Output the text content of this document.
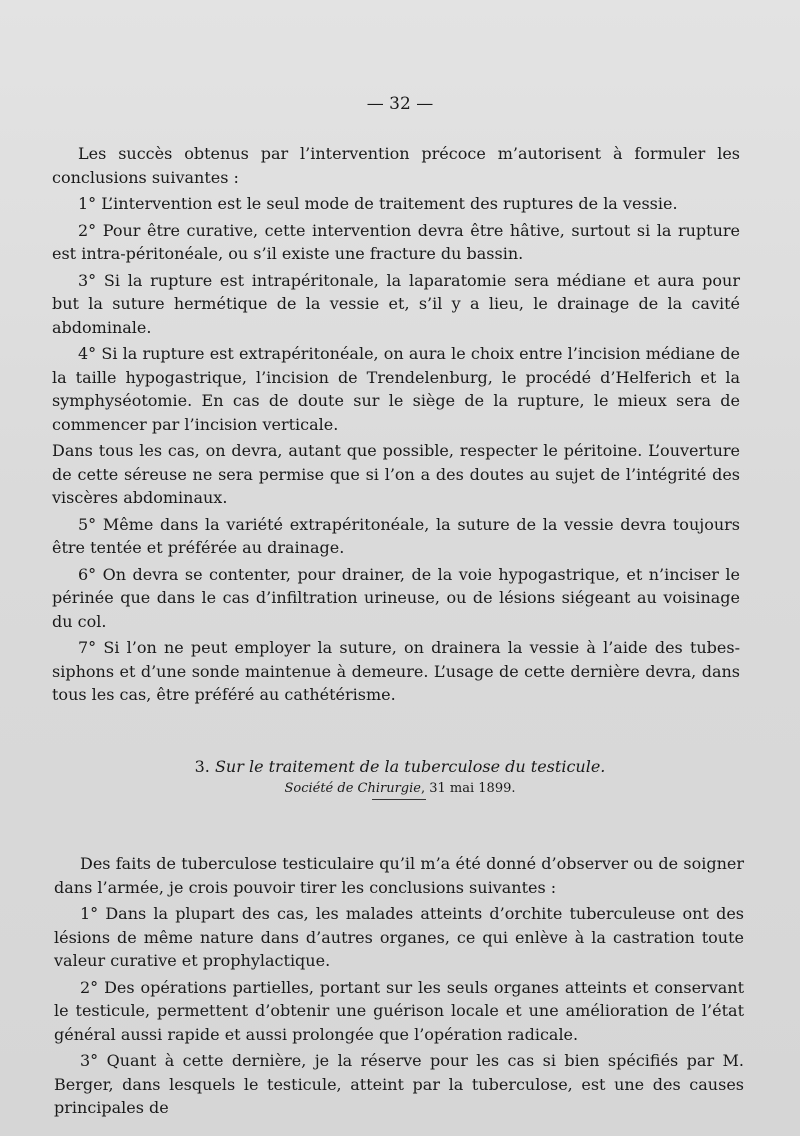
— 32 —

Les succès obtenus par l’intervention précoce m’autorisent à formuler les conclusions suivantes :

1° L’intervention est le seul mode de traitement des ruptures de la vessie.

2° Pour être curative, cette intervention devra être hâtive, surtout si la rupture est intra-péritonéale, ou s’il existe une fracture du bassin.

3° Si la rupture est intrapéritonale, la laparatomie sera médiane et aura pour but la suture hermétique de la vessie et, s’il y a lieu, le drainage de la cavité abdominale.

4° Si la rupture est extrapéritonéale, on aura le choix entre l’incision médiane de la taille hypogastrique, l’incision de Trendelenburg, le procédé d’Helferich et la symphyséotomie. En cas de doute sur le siège de la rupture, le mieux sera de commencer par l’incision verticale.

Dans tous les cas, on devra, autant que possible, respecter le péritoine. L’ouverture de cette séreuse ne sera permise que si l’on a des doutes au sujet de l’intégrité des viscères abdominaux.

5° Même dans la variété extrapéritonéale, la suture de la vessie devra toujours être tentée et préférée au drainage.

6° On devra se contenter, pour drainer, de la voie hypogastrique, et n’inciser le périnée que dans le cas d’infiltration urineuse, ou de lésions siégeant au voisinage du col.

7° Si l’on ne peut employer la suture, on drainera la vessie à l’aide des tubes-siphons et d’une sonde maintenue à demeure. L’usage de cette dernière devra, dans tous les cas, être préféré au cathétérisme.

3. Sur le traitement de la tuberculose du testicule.
Société de Chirurgie, 31 mai 1899.

Des faits de tuberculose testiculaire qu’il m’a été donné d’observer ou de soigner dans l’armée, je crois pouvoir tirer les conclusions suivantes :

1° Dans la plupart des cas, les malades atteints d’orchite tuberculeuse ont des lésions de même nature dans d’autres organes, ce qui enlève à la castration toute valeur curative et prophylactique.

2° Des opérations partielles, portant sur les seuls organes atteints et conservant le testicule, permettent d’obtenir une guérison locale et une amélioration de l’état général aussi rapide et aussi prolongée que l’opération radicale.

3° Quant à cette dernière, je la réserve pour les cas si bien spécifiés par M. Berger, dans lesquels le testicule, atteint par la tuberculose, est une des causes principales de
